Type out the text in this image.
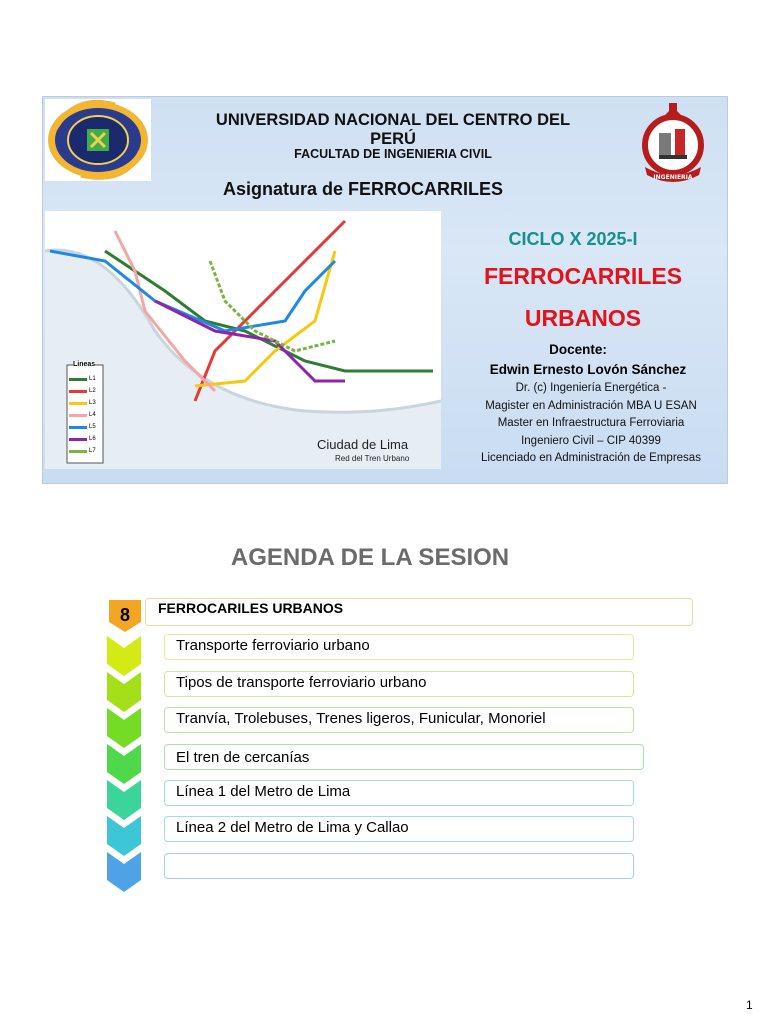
UNIVERSIDAD NACIONAL DEL CENTRO DEL PERÚ
FACULTAD DE INGENIERIA CIVIL
Asignatura de FERROCARRILES
INGENIERIA
Lineas
L1
L2
L3
L4
L5
L6
L7	Ciudad de Lima
Red del Tren Urbano
CICLO X 2025-I
FERROCARRILES
URBANOS
Docente:
Edwin Ernesto Lovón Sánchez
Dr. (c) Ingeniería Energética -
Magister en Administración MBA U ESAN
Master en Infraestructura Ferroviaria
Ingeniero Civil – CIP 40399
Licenciado en Administración de Empresas
AGENDA DE LA SESION
8	FERROCARILES URBANOS
Transporte ferroviario urbano
Tipos de transporte ferroviario urbano
Tranvía, Trolebuses, Trenes ligeros, Funicular, Monoriel
El tren de cercanías
Línea 1 del Metro de Lima
Línea 2 del Metro de Lima y Callao
1
